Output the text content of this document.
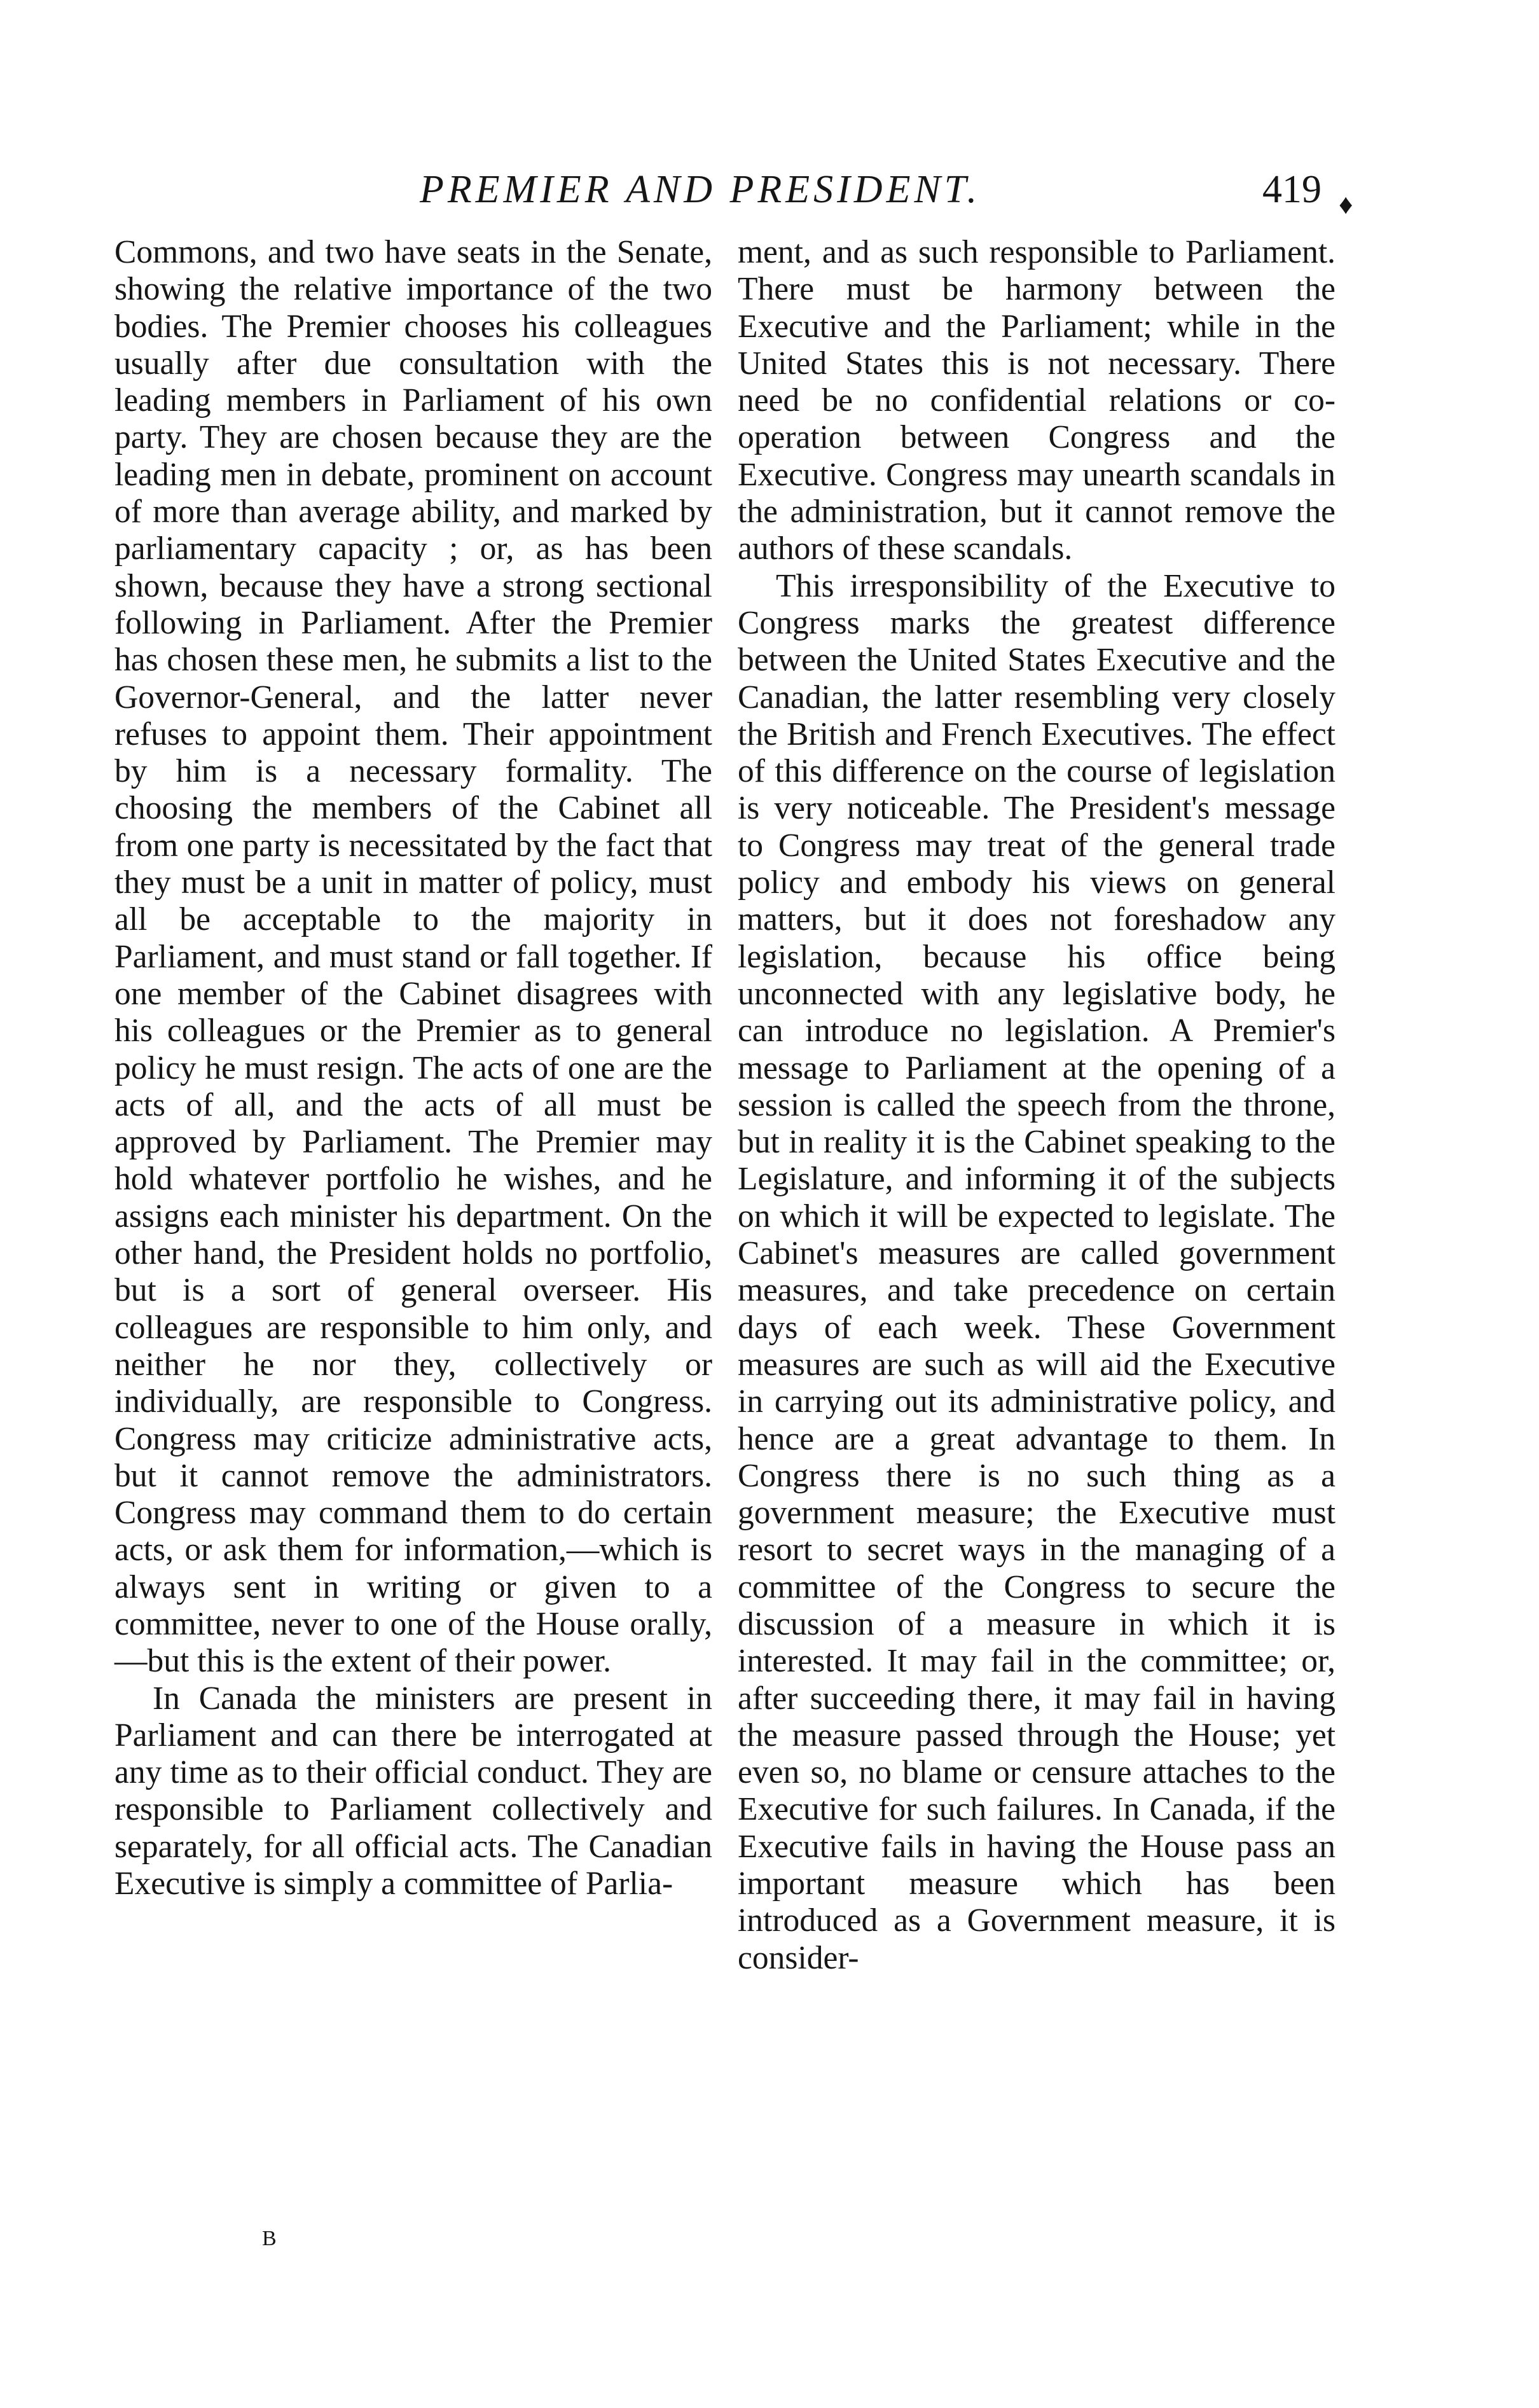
PREMIER AND PRESIDENT.	419 ♦

Commons, and two have seats in the Senate, showing the relative importance of the two bodies. The Premier chooses his colleagues usually after due consultation with the leading members in Parliament of his own party. They are chosen because they are the leading men in debate, prominent on account of more than average ability, and marked by parliamentary capacity ; or, as has been shown, because they have a strong sectional following in Parliament. After the Premier has chosen these men, he submits a list to the Governor-General, and the latter never refuses to appoint them. Their appointment by him is a necessary formality. The choosing the members of the Cabinet all from one party is necessitated by the fact that they must be a unit in matter of policy, must all be acceptable to the majority in Parliament, and must stand or fall together. If one member of the Cabinet disagrees with his colleagues or the Premier as to general policy he must resign. The acts of one are the acts of all, and the acts of all must be approved by Parliament. The Premier may hold whatever portfolio he wishes, and he assigns each minister his department. On the other hand, the President holds no portfolio, but is a sort of general overseer. His colleagues are responsible to him only, and neither he nor they, collectively or individually, are responsible to Congress. Congress may criticize administrative acts, but it cannot remove the administrators. Congress may command them to do certain acts, or ask them for information,—which is always sent in writing or given to a committee, never to one of the House orally,—but this is the extent of their power.

In Canada the ministers are present in Parliament and can there be interrogated at any time as to their official conduct. They are responsible to Parliament collectively and separately, for all official acts. The Canadian Executive is simply a committee of Parlia-

ment, and as such responsible to Parliament. There must be harmony between the Executive and the Parliament; while in the United States this is not necessary. There need be no confidential relations or co-operation between Congress and the Executive. Congress may unearth scandals in the administration, but it cannot remove the authors of these scandals.

This irresponsibility of the Executive to Congress marks the greatest difference between the United States Executive and the Canadian, the latter resembling very closely the British and French Executives. The effect of this difference on the course of legislation is very noticeable. The President's message to Congress may treat of the general trade policy and embody his views on general matters, but it does not foreshadow any legislation, because his office being unconnected with any legislative body, he can introduce no legislation. A Premier's message to Parliament at the opening of a session is called the speech from the throne, but in reality it is the Cabinet speaking to the Legislature, and informing it of the subjects on which it will be expected to legislate. The Cabinet's measures are called government measures, and take precedence on certain days of each week. These Government measures are such as will aid the Executive in carrying out its administrative policy, and hence are a great advantage to them. In Congress there is no such thing as a government measure; the Executive must resort to secret ways in the managing of a committee of the Congress to secure the discussion of a measure in which it is interested. It may fail in the committee; or, after succeeding there, it may fail in having the measure passed through the House; yet even so, no blame or censure attaches to the Executive for such failures. In Canada, if the Executive fails in having the House pass an important measure which has been introduced as a Government measure, it is consider-

B
